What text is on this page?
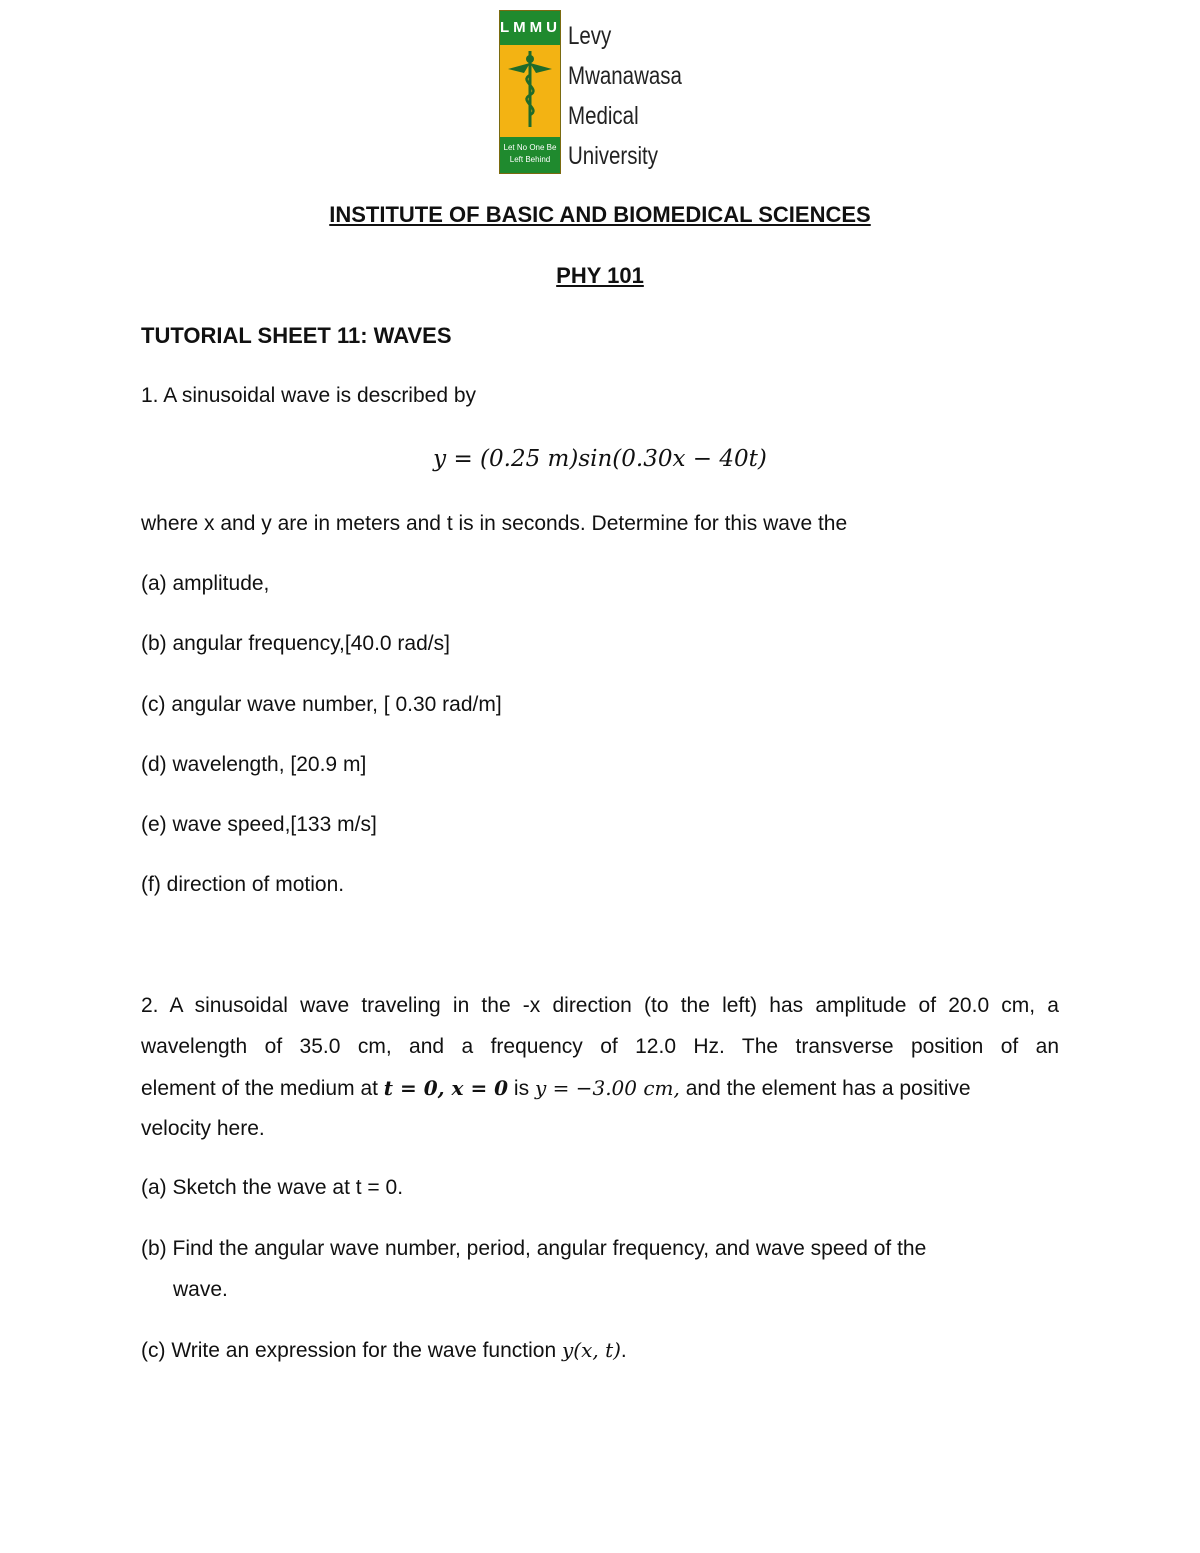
LMMU
Let No One Be Left Behind
Levy
Mwanawasa
Medical
University
INSTITUTE OF BASIC AND BIOMEDICAL SCIENCES
PHY 101
TUTORIAL SHEET 11: WAVES
1. A sinusoidal wave is described by
y = (0.25 m)sin(0.30x − 40t)
where x and y are in meters and t is in seconds. Determine for this wave the
(a) amplitude,
(b) angular frequency,[40.0 rad/s]
(c) angular wave number, [ 0.30 rad/m]
(d) wavelength, [20.9 m]
(e) wave speed,[133 m/s]
(f) direction of motion.
2. A sinusoidal wave traveling in the -x direction (to the left) has amplitude of 20.0 cm, a
wavelength of 35.0 cm, and a frequency of 12.0 Hz. The transverse position of an
element of the medium at t = 0, x = 0 is y = −3.00 cm, and the element has a positive
velocity here.
(a) Sketch the wave at t = 0.
(b) Find the angular wave number, period, angular frequency, and wave speed of the
wave.
(c) Write an expression for the wave function y(x, t).
